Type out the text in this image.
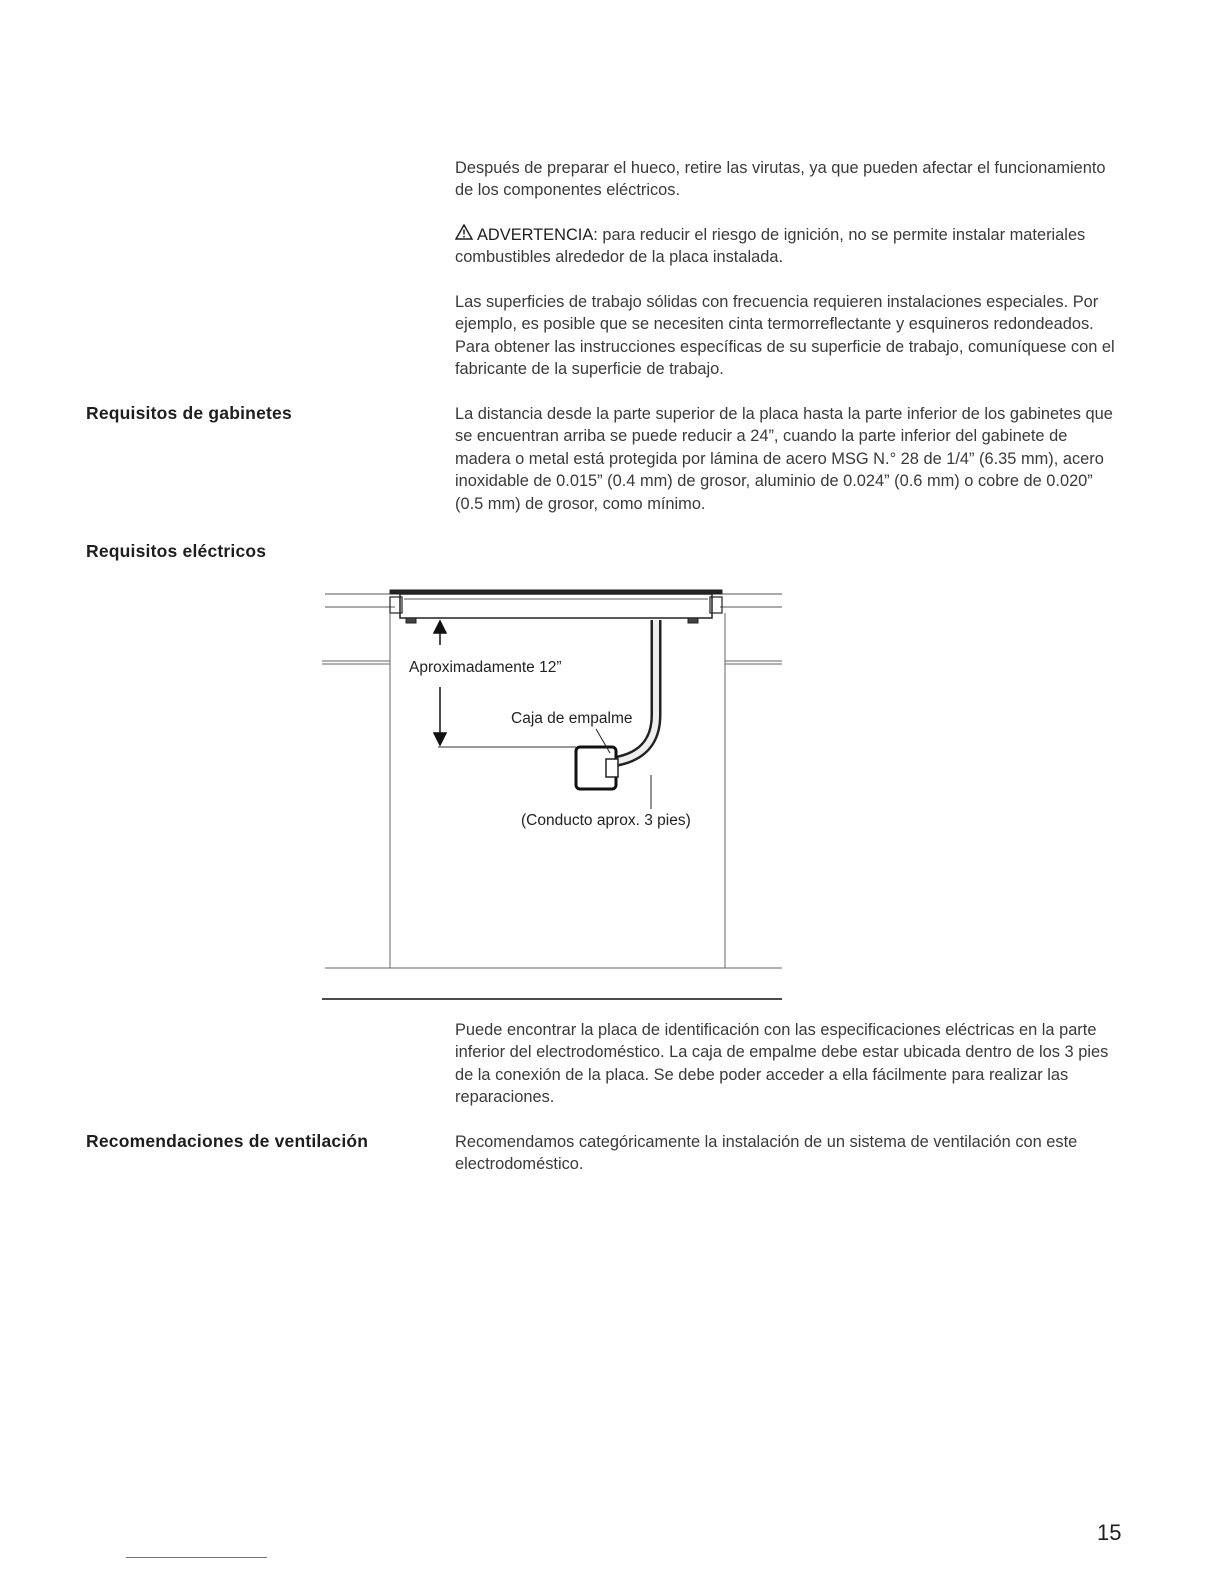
Después de preparar el hueco, retire las virutas, ya que pueden afectar el funcionamiento de los componentes eléctricos.

ADVERTENCIA: para reducir el riesgo de ignición, no se permite instalar materiales combustibles alrededor de la placa instalada.

Las superficies de trabajo sólidas con frecuencia requieren instalaciones especiales. Por ejemplo, es posible que se necesiten cinta termorreflectante y esquineros redondeados. Para obtener las instrucciones específicas de su superficie de trabajo, comuníquese con el fabricante de la superficie de trabajo.

Requisitos de gabinetes	La distancia desde la parte superior de la placa hasta la parte inferior de los gabinetes que se encuentran arriba se puede reducir a 24”, cuando la parte inferior del gabinete de madera o metal está protegida por lámina de acero MSG N.° 28 de 1/4” (6.35 mm), acero inoxidable de 0.015” (0.4 mm) de grosor, aluminio de 0.024” (0.6 mm) o cobre de 0.020” (0.5 mm) de grosor, como mínimo.

Requisitos eléctricos
Aproximadamente 12”
Caja de empalme
(Conducto aprox. 3 pies)

Puede encontrar la placa de identificación con las especificaciones eléctricas en la parte inferior del electrodoméstico. La caja de empalme debe estar ubicada dentro de los 3 pies de la conexión de la placa. Se debe poder acceder a ella fácilmente para realizar las reparaciones.

Recomendaciones de ventilación	Recomendamos categóricamente la instalación de un sistema de ventilación con este electrodoméstico.

15
